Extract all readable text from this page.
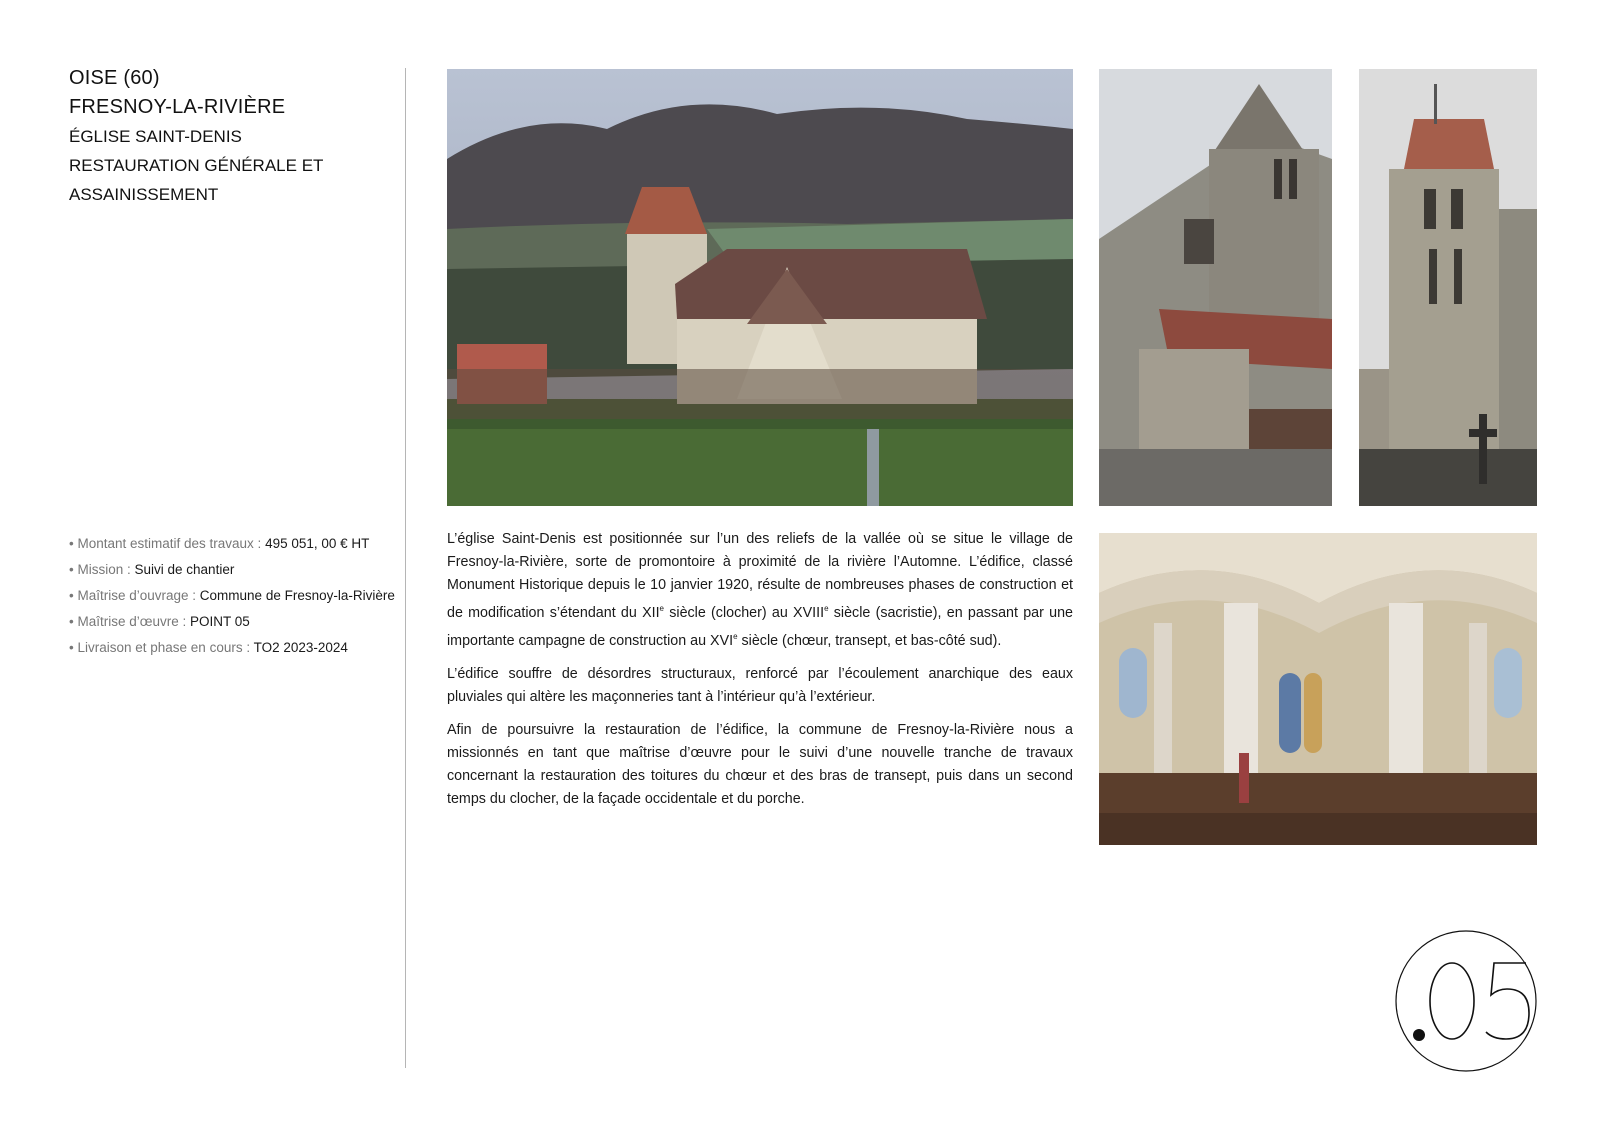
OISE (60)
FRESNOY-LA-RIVIÈRE
ÉGLISE SAINT-DENIS
RESTAURATION GÉNÉRALE ET
ASSAINISSEMENT
• Montant estimatif des travaux : 495 051, 00 € HT
• Mission : Suivi de chantier
• Maîtrise d’ouvrage : Commune de Fresnoy-la-Rivière
• Maîtrise d’œuvre : POINT 05
• Livraison et phase en cours : TO2 2023-2024

L’église Saint-Denis est positionnée sur l’un des reliefs de la vallée où se situe le village de Fresnoy-la-Rivière, sorte de promontoire à proximité de la rivière l’Automne. L’édifice, classé Monument Historique depuis le 10 janvier 1920, résulte de nombreuses phases de construction et de modification s’étendant du XIIe siècle (clocher) au XVIIIe siècle (sacristie), en passant par une importante campagne de construction au XVIe siècle (chœur, transept, et bas-côté sud).

L’édifice souffre de désordres structuraux, renforcé par l’écoulement anarchique des eaux pluviales qui altère les maçonneries tant à l’intérieur qu’à l’extérieur.

Afin de poursuivre la restauration de l’édifice, la commune de Fresnoy-la-Rivière nous a missionnés en tant que maîtrise d’œuvre pour le suivi d’une nouvelle tranche de travaux concernant la restauration des toitures du chœur et des bras de transept, puis dans un second temps du clocher, de la façade occidentale et du porche.
